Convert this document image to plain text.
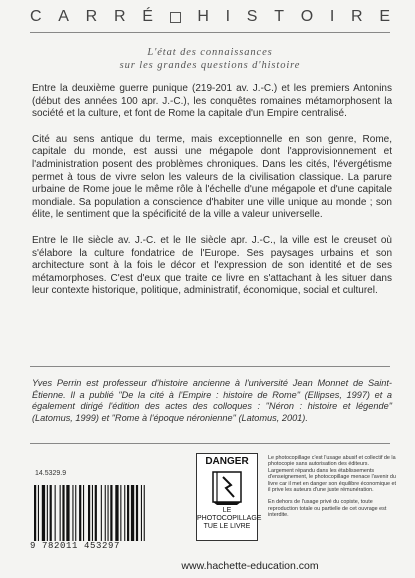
C A R R É	H I S T O I R E
L'état des connaissances
sur les grandes questions d'histoire

Entre la deuxième guerre punique (219-201 av. J.-C.) et les premiers Antonins (début des années 100 apr. J.-C.), les conquêtes romaines métamorphosent la société et la culture, et font de Rome la capitale d'un Empire centralisé.

Cité au sens antique du terme, mais exceptionnelle en son genre, Rome, capitale du monde, est aussi une mégapole dont l'approvisionnement et l'administration posent des problèmes chroniques. Dans les cités, l'évergétisme permet à tous de vivre selon les valeurs de la civilisation classique. La parure urbaine de Rome joue le même rôle à l'échelle d'une mégapole et d'une capitale mondiale. Sa population a conscience d'habiter une ville unique au monde ; son élite, le sentiment que la spécificité de la ville a valeur universelle.

Entre le IIe siècle av. J.-C. et le IIe siècle apr. J.-C., la ville est le creuset où s'élabore la culture fondatrice de l'Europe. Ses paysages urbains et son architecture sont à la fois le décor et l'expression de son identité et de ses métamorphoses. C'est d'eux que traite ce livre en s'attachant à les situer dans leur contexte historique, politique, administratif, économique, social et culturel.

Yves Perrin est professeur d'histoire ancienne à l'université Jean Monnet de Saint-Étienne. Il a publié "De la cité à l'Empire : histoire de Rome" (Ellipses, 1997) et a également dirigé l'édition des actes des colloques : "Néron : histoire et légende" (Latomus, 1999) et "Rome à l'époque néronienne" (Latomus, 2001).
14.5329.9
9 782011 453297
DANGER
LE
PHOTOCOPILLAGE
TUE LE LIVRE

Le photocopillage c'est l'usage abusif et collectif de la photocopie sans autorisation des éditeurs. Largement répandu dans les établissements d'enseignement, le photocopillage menace l'avenir du livre car il met en danger son équilibre économique et il prive les auteurs d'une juste rémunération.

En dehors de l'usage privé du copiste, toute reproduction totale ou partielle de cet ouvrage est interdite.

www.hachette-education.com
